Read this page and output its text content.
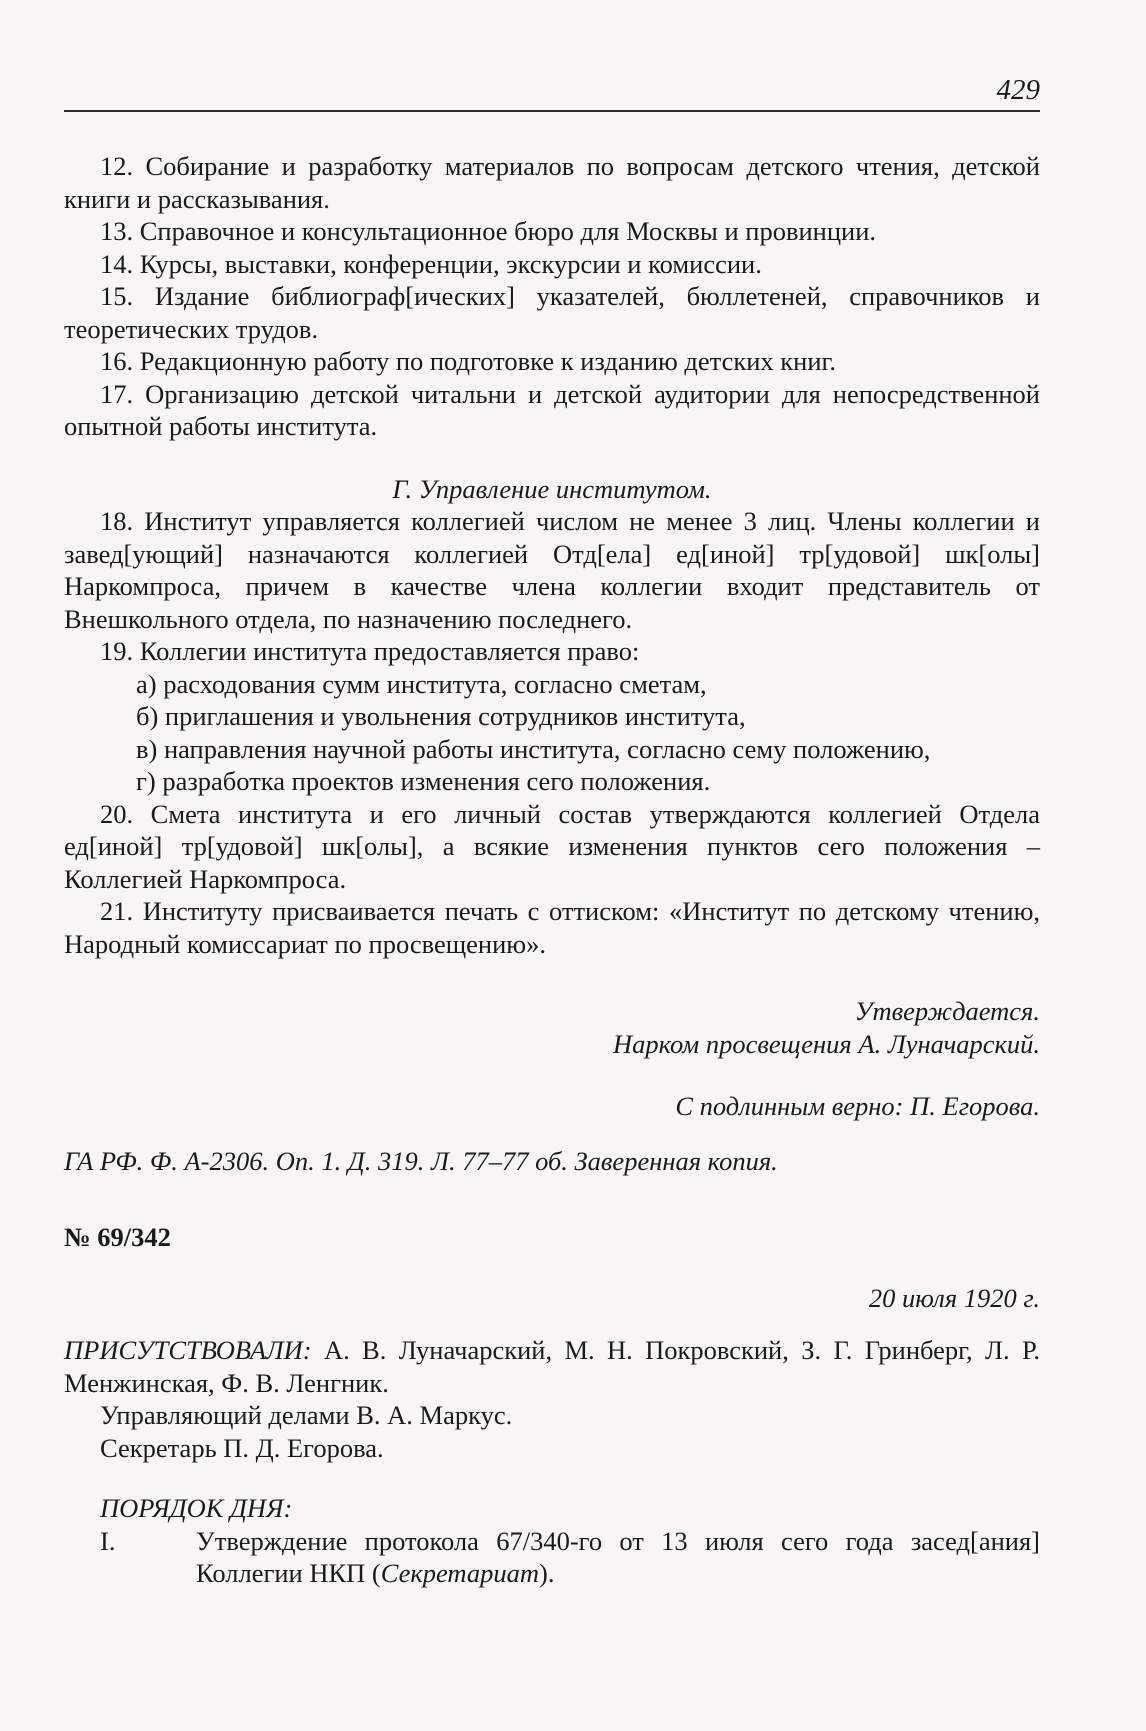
429

12. Собирание и разработку материалов по вопросам детского чтения, детской книги и рассказывания.

13. Справочное и консультационное бюро для Москвы и провинции.

14. Курсы, выставки, конференции, экскурсии и комиссии.

15. Издание библиограф[ических] указателей, бюллетеней, справочников и теоретических трудов.

16. Редакционную работу по подготовке к изданию детских книг.

17. Организацию детской читальни и детской аудитории для непосредственной опытной работы института.

Г. Управление институтом.

18. Институт управляется коллегией числом не менее 3 лиц. Члены коллегии и завед[ующий] назначаются коллегией Отд[ела] ед[иной] тр[удовой] шк[олы] Наркомпроса, причем в качестве члена коллегии входит представитель от Внешкольного отдела, по назначению последнего.

19. Коллегии института предоставляется право:

а) расходования сумм института, согласно сметам,

б) приглашения и увольнения сотрудников института,

в) направления научной работы института, согласно сему положению,

г) разработка проектов изменения сего положения.

20. Смета института и его личный состав утверждаются коллегией Отдела ед[иной] тр[удовой] шк[олы], а всякие изменения пунктов сего положения – Коллегией Наркомпроса.

21. Институту присваивается печать с оттиском: «Институт по детскому чтению, Народный комиссариат по просвещению».

Утверждается.

Нарком просвещения А. Луначарский.

С подлинным верно: П. Егорова.

ГА РФ. Ф. А-2306. Оп. 1. Д. 319. Л. 77–77 об. Заверенная копия.

№ 69/342

20 июля 1920 г.

ПРИСУТСТВОВАЛИ: А. В. Луначарский, М. Н. Покровский, З. Г. Гринберг, Л. Р. Менжинская, Ф. В. Ленгник.

Управляющий делами В. А. Маркус.

Секретарь П. Д. Егорова.

ПОРЯДОК ДНЯ:

I.	Утверждение протокола 67/340-го от 13 июля сего года засед[ания] Коллегии НКП (Секретариат).
